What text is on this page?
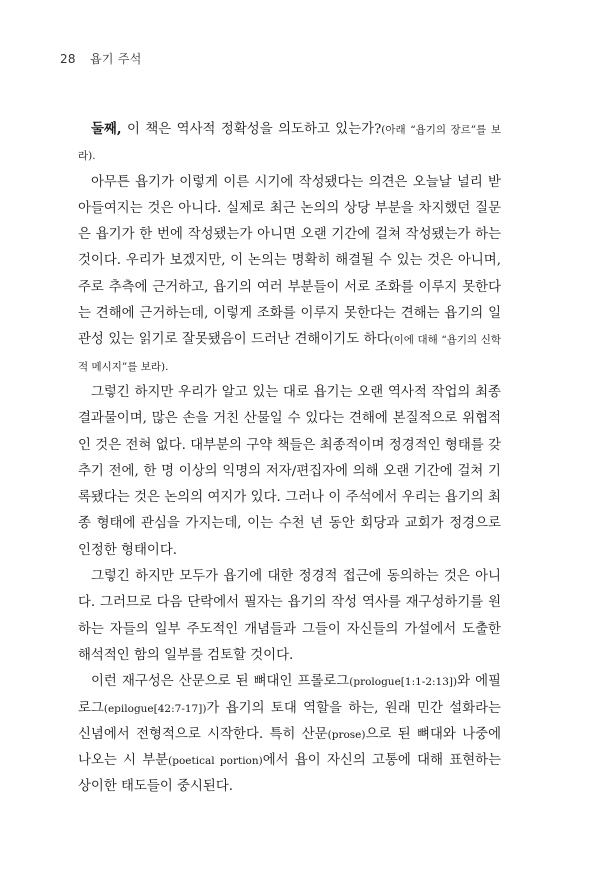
28 욥기 주석

둘째, 이 책은 역사적 정확성을 의도하고 있는가?(아래 “욥기의 장르”를 보라).

아무튼 욥기가 이렇게 이른 시기에 작성됐다는 의견은 오늘날 널리 받아들여지는 것은 아니다. 실제로 최근 논의의 상당 부분을 차지했던 질문은 욥기가 한 번에 작성됐는가 아니면 오랜 기간에 걸쳐 작성됐는가 하는 것이다. 우리가 보겠지만, 이 논의는 명확히 해결될 수 있는 것은 아니며, 주로 추측에 근거하고, 욥기의 여러 부분들이 서로 조화를 이루지 못한다는 견해에 근거하는데, 이렇게 조화를 이루지 못한다는 견해는 욥기의 일관성 있는 읽기로 잘못됐음이 드러난 견해이기도 하다(이에 대해 “욥기의 신학적 메시지”를 보라).

그렇긴 하지만 우리가 알고 있는 대로 욥기는 오랜 역사적 작업의 최종 결과물이며, 많은 손을 거친 산물일 수 있다는 견해에 본질적으로 위협적인 것은 전혀 없다. 대부분의 구약 책들은 최종적이며 정경적인 형태를 갖추기 전에, 한 명 이상의 익명의 저자/편집자에 의해 오랜 기간에 걸쳐 기록됐다는 것은 논의의 여지가 있다. 그러나 이 주석에서 우리는 욥기의 최종 형태에 관심을 가지는데, 이는 수천 년 동안 회당과 교회가 정경으로 인정한 형태이다.

그렇긴 하지만 모두가 욥기에 대한 정경적 접근에 동의하는 것은 아니다. 그러므로 다음 단락에서 필자는 욥기의 작성 역사를 재구성하기를 원하는 자들의 일부 주도적인 개념들과 그들이 자신들의 가설에서 도출한 해석적인 함의 일부를 검토할 것이다.

이런 재구성은 산문으로 된 뼈대인 프롤로그(prologue[1:1-2:13])와 에필로그(epilogue[42:7-17])가 욥기의 토대 역할을 하는, 원래 민간 설화라는 신념에서 전형적으로 시작한다. 특히 산문(prose)으로 된 뼈대와 나중에 나오는 시 부분(poetical portion)에서 욥이 자신의 고통에 대해 표현하는 상이한 태도들이 중시된다.
